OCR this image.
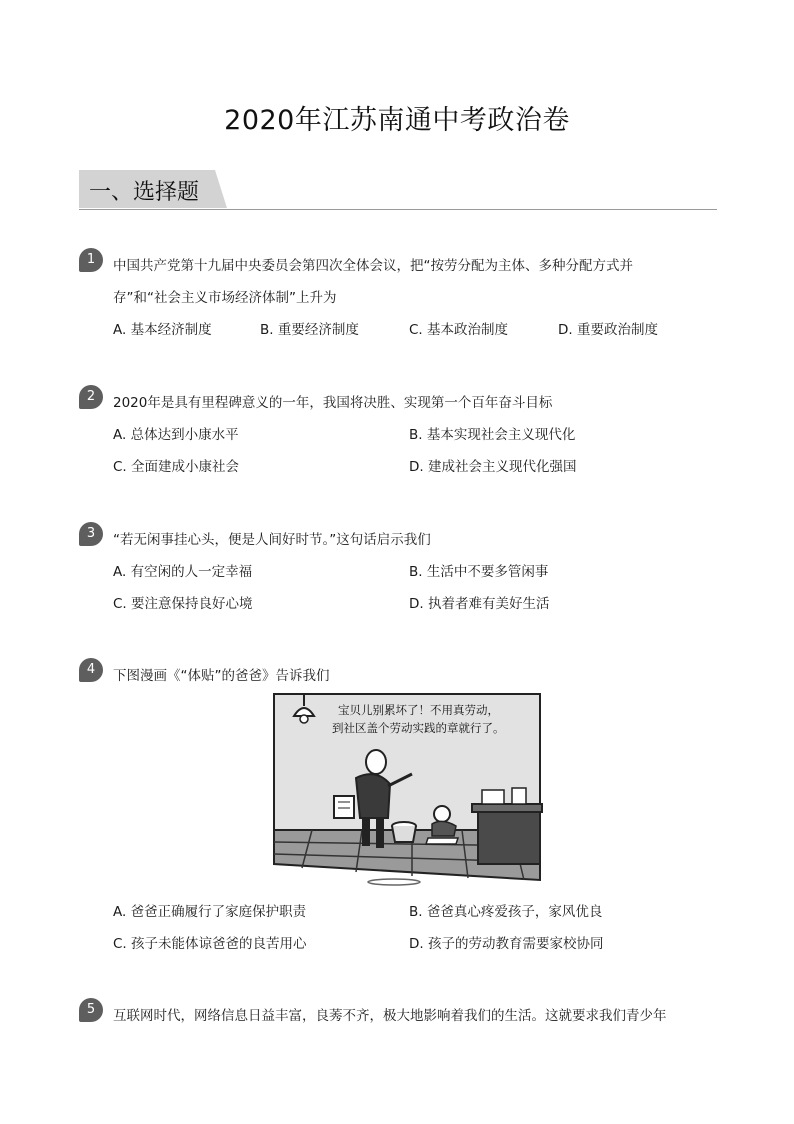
2020年江苏南通中考政治卷
一、选择题
1	中国共产党第十九届中央委员会第四次全体会议，把“按劳分配为主体、多种分配方式并
存”和“社会主义市场经济体制”上升为
A. 基本经济制度	B. 重要经济制度	C. 基本政治制度	D. 重要政治制度
2	2020年是具有里程碑意义的一年，我国将决胜、实现第一个百年奋斗目标
A. 总体达到小康水平	B. 基本实现社会主义现代化
C. 全面建成小康社会	D. 建成社会主义现代化强国
3	“若无闲事挂心头，便是人间好时节。”这句话启示我们
A. 有空闲的人一定幸福	B. 生活中不要多管闲事
C. 要注意保持良好心境	D. 执着者难有美好生活
4	下图漫画《“体贴”的爸爸》告诉我们
宝贝儿别累坏了！不用真劳动，
到社区盖个劳动实践的章就行了。
A. 爸爸正确履行了家庭保护职责	B. 爸爸真心疼爱孩子，家风优良
C. 孩子未能体谅爸爸的良苦用心	D. 孩子的劳动教育需要家校协同
5	互联网时代，网络信息日益丰富，良莠不齐，极大地影响着我们的生活。这就要求我们青少年
